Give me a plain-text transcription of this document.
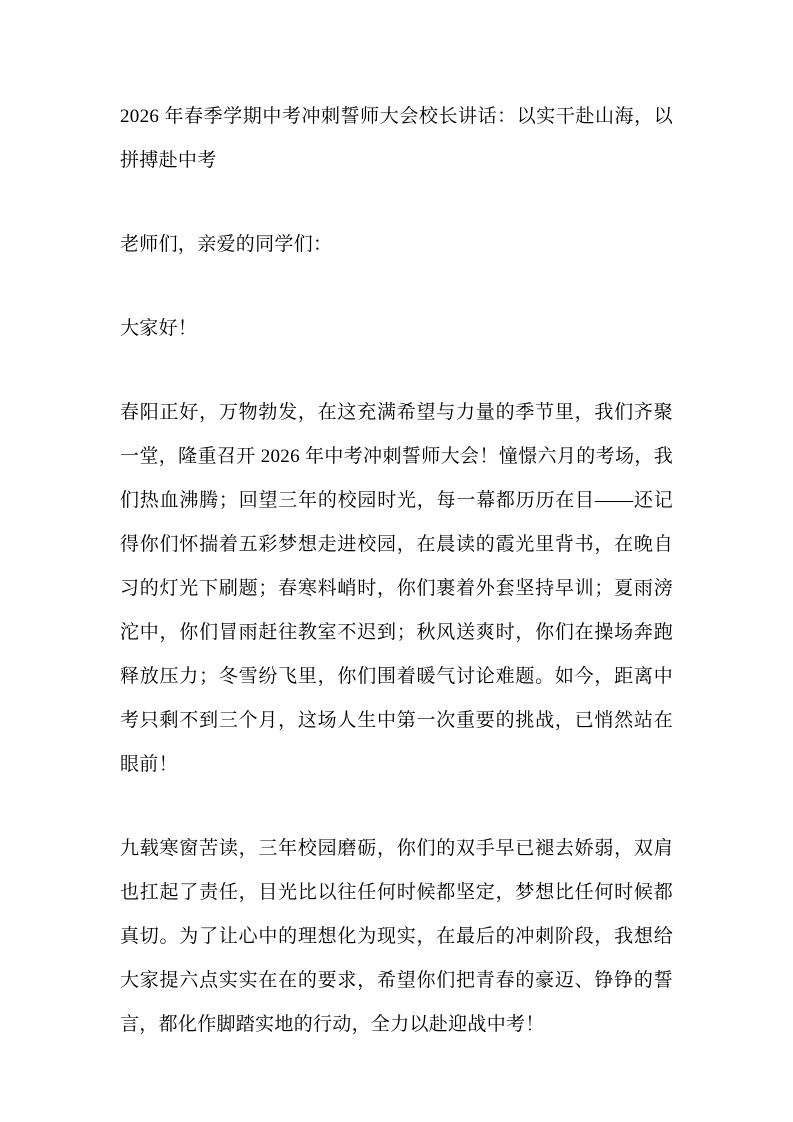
2026 年春季学期中考冲刺誓师大会校长讲话：以实干赴山海，以拼搏赴中考

老师们，亲爱的同学们：

大家好！

春阳正好，万物勃发，在这充满希望与力量的季节里，我们齐聚一堂，隆重召开 2026 年中考冲刺誓师大会！憧憬六月的考场，我们热血沸腾；回望三年的校园时光，每一幕都历历在目——还记得你们怀揣着五彩梦想走进校园，在晨读的霞光里背书，在晚自习的灯光下刷题；春寒料峭时，你们裹着外套坚持早训；夏雨滂沱中，你们冒雨赶往教室不迟到；秋风送爽时，你们在操场奔跑释放压力；冬雪纷飞里，你们围着暖气讨论难题。如今，距离中考只剩不到三个月，这场人生中第一次重要的挑战，已悄然站在眼前！

九载寒窗苦读，三年校园磨砺，你们的双手早已褪去娇弱，双肩也扛起了责任，目光比以往任何时候都坚定，梦想比任何时候都真切。为了让心中的理想化为现实，在最后的冲刺阶段，我想给大家提六点实实在在的要求，希望你们把青春的豪迈、铮铮的誓言，都化作脚踏实地的行动，全力以赴迎战中考！
